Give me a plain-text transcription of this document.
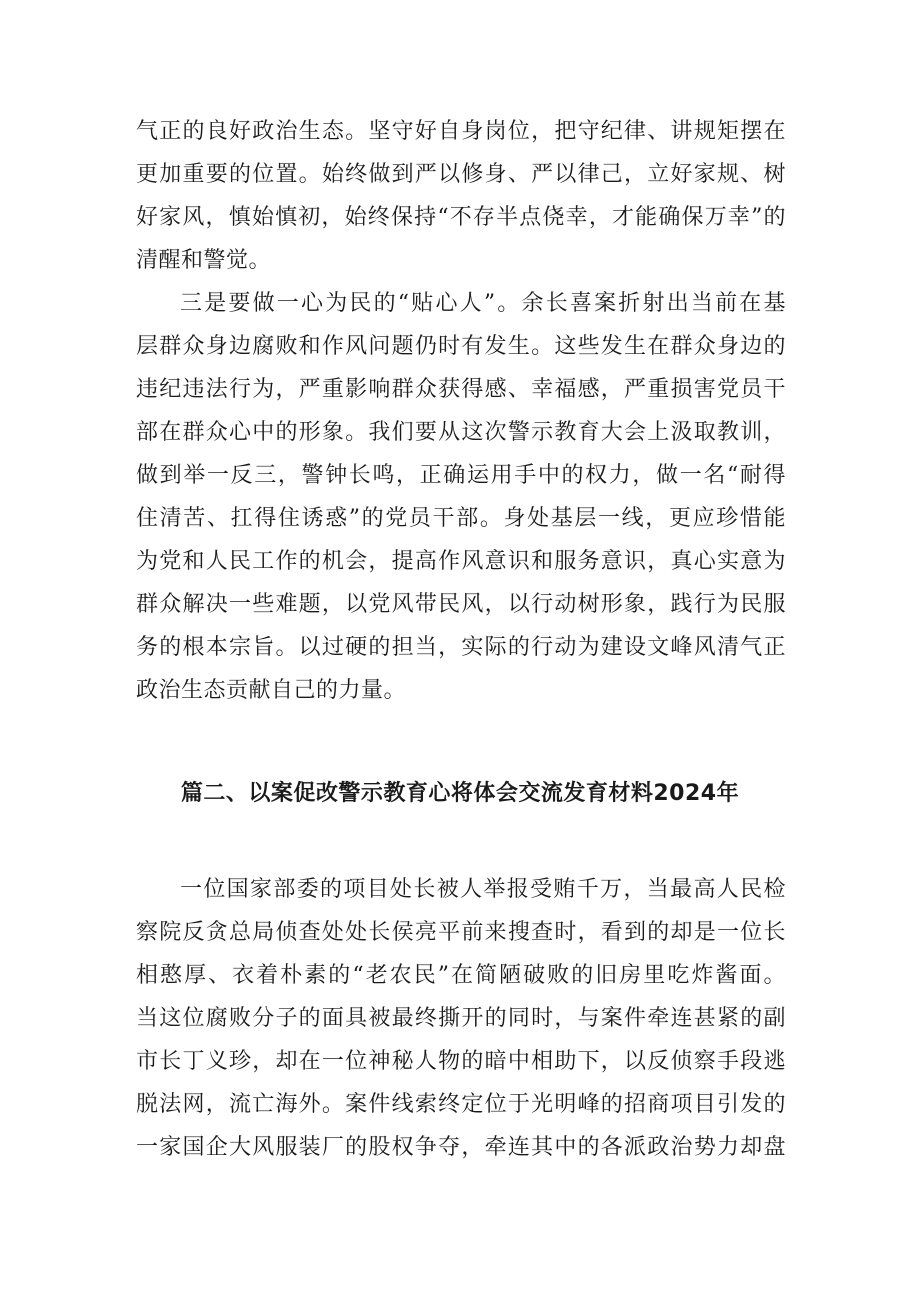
气正的良好政治生态。坚守好自身岗位，把守纪律、讲规矩摆在
更加重要的位置。始终做到严以修身、严以律己，立好家规、树
好家风，慎始慎初，始终保持“不存半点侥幸，才能确保万幸”的
清醒和警觉。
三是要做一心为民的“贴心人”。余长喜案折射出当前在基
层群众身边腐败和作风问题仍时有发生。这些发生在群众身边的
违纪违法行为，严重影响群众获得感、幸福感，严重损害党员干
部在群众心中的形象。我们要从这次警示教育大会上汲取教训，
做到举一反三，警钟长鸣，正确运用手中的权力，做一名“耐得
住清苦、扛得住诱惑”的党员干部。身处基层一线，更应珍惜能
为党和人民工作的机会，提高作风意识和服务意识，真心实意为
群众解决一些难题，以党风带民风，以行动树形象，践行为民服
务的根本宗旨。以过硬的担当，实际的行动为建设文峰风清气正
政治生态贡献自己的力量。
篇二、以案促改警示教育心将体会交流发育材料2024年
一位国家部委的项目处长被人举报受贿千万，当最高人民检
察院反贪总局侦查处处长侯亮平前来搜查时，看到的却是一位长
相憨厚、衣着朴素的“老农民”在简陋破败的旧房里吃炸酱面。
当这位腐败分子的面具被最终撕开的同时，与案件牵连甚紧的副
市长丁义珍，却在一位神秘人物的暗中相助下，以反侦察手段逃
脱法网，流亡海外。案件线索终定位于光明峰的招商项目引发的
一家国企大风服装厂的股权争夺，牵连其中的各派政治势力却盘
